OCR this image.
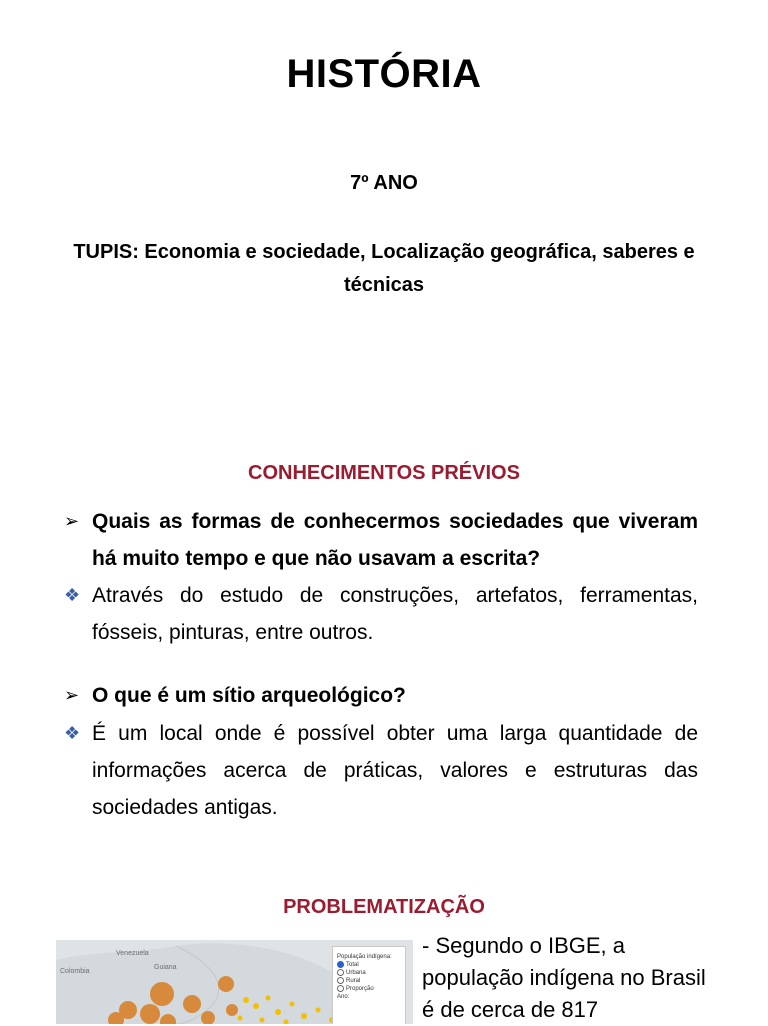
HISTÓRIA
7º ANO
TUPIS: Economia e sociedade, Localização geográfica, saberes e técnicas
CONHECIMENTOS PRÉVIOS
➢ Quais as formas de conhecermos sociedades que viveram há muito tempo e que não usavam a escrita?
❖ Através do estudo de construções, artefatos, ferramentas, fósseis, pinturas, entre outros.
➢ O que é um sítio arqueológico?
❖ É um local onde é possível obter uma larga quantidade de informações acerca de práticas, valores e estruturas das sociedades antigas.
PROBLEMATIZAÇÃO
Colombia
Venezuela
Guiana
População indígena:
Total
Urbana
Rural
Proporção
Ano:
- Segundo o IBGE, a população indígena no Brasil é de cerca de 817
